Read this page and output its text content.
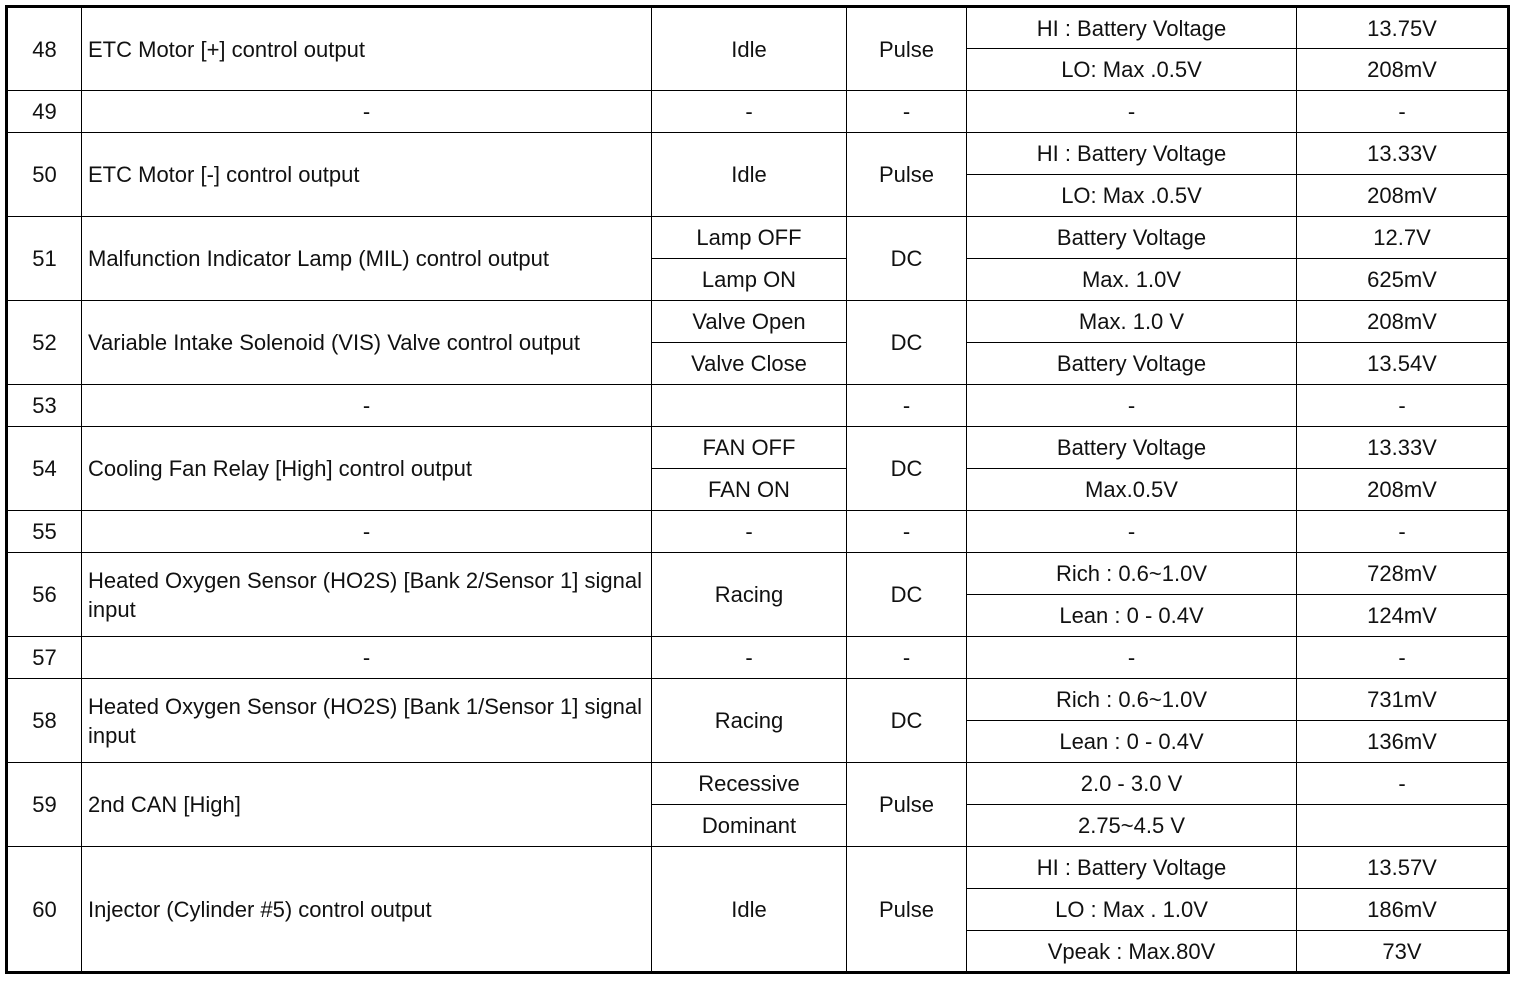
48	ETC Motor [+] control output	Idle	Pulse	HI : Battery Voltage	13.75V
				LO: Max .0.5V	208mV
49	-	-	-	-	-
50	ETC Motor [-] control output	Idle	Pulse	HI : Battery Voltage	13.33V
				LO: Max .0.5V	208mV
51	Malfunction Indicator Lamp (MIL) control output	Lamp OFF	DC	Battery Voltage	12.7V
		Lamp ON		Max. 1.0V	625mV
52	Variable Intake Solenoid (VIS) Valve control output	Valve Open	DC	Max. 1.0 V	208mV
		Valve Close		Battery Voltage	13.54V
53	-		-	-	-
54	Cooling Fan Relay [High] control output	FAN OFF	DC	Battery Voltage	13.33V
		FAN ON		Max.0.5V	208mV
55	-	-	-	-	-
56	Heated Oxygen Sensor (HO2S) [Bank 2/Sensor 1] signal input	Racing	DC	Rich : 0.6~1.0V	728mV
				Lean : 0 - 0.4V	124mV
57	-	-	-	-	-
58	Heated Oxygen Sensor (HO2S) [Bank 1/Sensor 1] signal input	Racing	DC	Rich : 0.6~1.0V	731mV
				Lean : 0 - 0.4V	136mV
59	2nd CAN [High]	Recessive	Pulse	2.0 - 3.0 V	-
		Dominant		2.75~4.5 V	
60	Injector (Cylinder #5) control output	Idle	Pulse	HI : Battery Voltage	13.57V
				LO : Max . 1.0V	186mV
				Vpeak : Max.80V	73V
